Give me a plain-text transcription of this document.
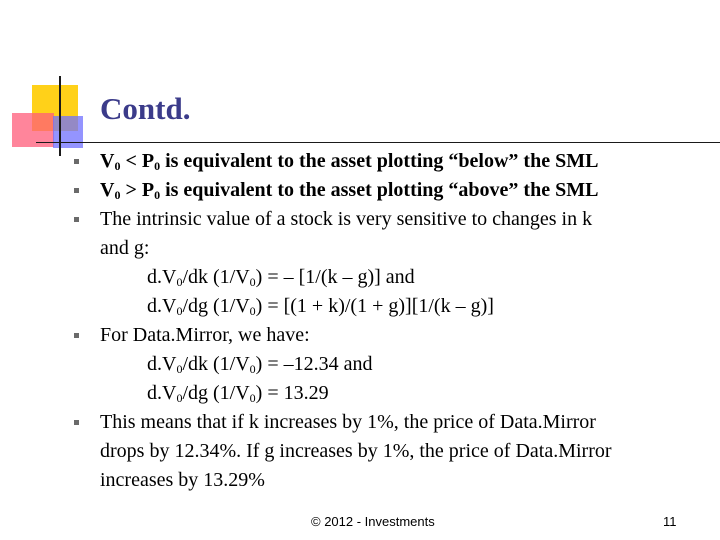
Contd.
$V_0 < P_0$ is equivalent to the asset plotting “below” the SML
$V_0 > P_0$ is equivalent to the asset plotting “above” the SML
The intrinsic value of a stock is very sensitive to changes in k
and g:
$d.V_0/dk$ $(1/V_0)$ = – [1/(k – g)] and
$d.V_0/dg$ $(1/V_0) = [(1 + k)/(1 + g)][1/(k - g)]$
For Data.Mirror, we have:
$d.V_0/dk$ $(1/V_0) = -12.34$ and
$d.V_0/dg$ $(1/V_0) = 13.29$
This means that if k increases by 1%, the price of Data.Mirror
drops by 12.34%. If g increases by 1%, the price of Data.Mirror
increases by 13.29%
© 2012 - Investments	11
